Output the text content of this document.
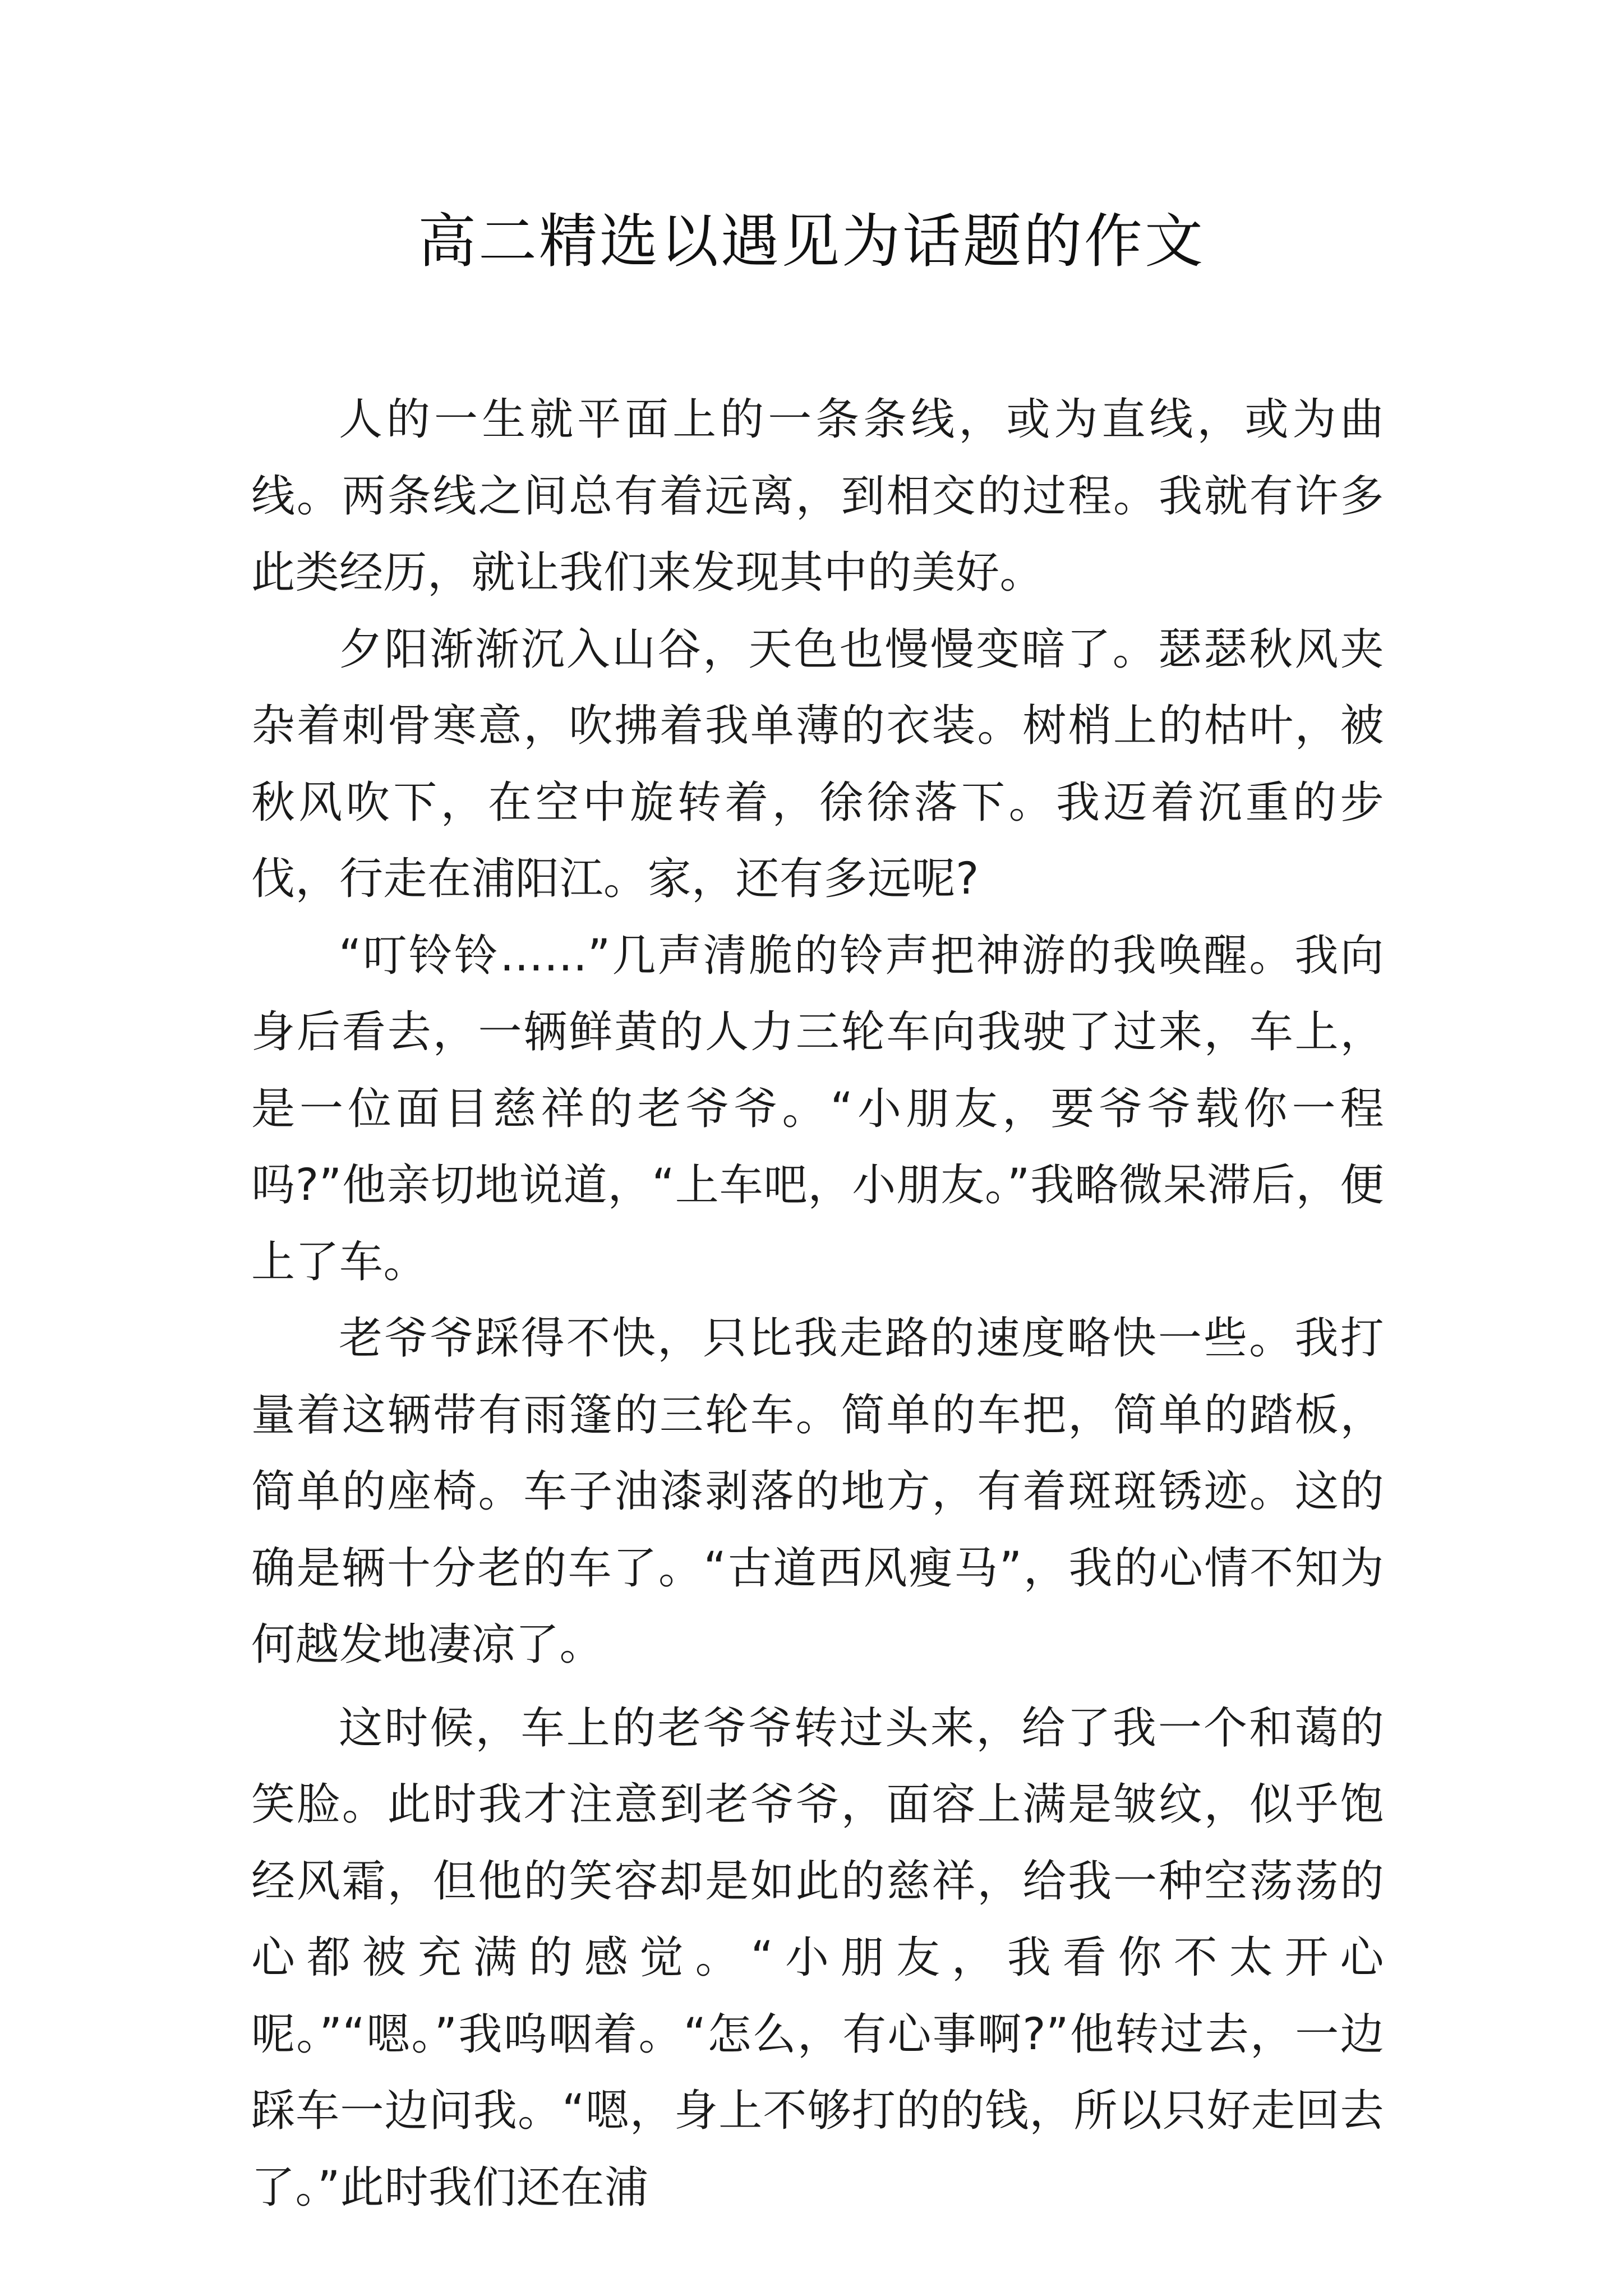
高二精选以遇见为话题的作文

人的一生就平面上的一条条线，或为直线，或为曲线。两条线之间总有着远离，到相交的过程。我就有许多此类经历，就让我们来发现其中的美好。

夕阳渐渐沉入山谷，天色也慢慢变暗了。瑟瑟秋风夹杂着刺骨寒意，吹拂着我单薄的衣装。树梢上的枯叶，被秋风吹下，在空中旋转着，徐徐落下。我迈着沉重的步伐，行走在浦阳江。家，还有多远呢?

“叮铃铃……”几声清脆的铃声把神游的我唤醒。我向身后看去，一辆鲜黄的人力三轮车向我驶了过来，车上，是一位面目慈祥的老爷爷。“小朋友，要爷爷载你一程吗?”他亲切地说道，“上车吧，小朋友。”我略微呆滞后，便上了车。

老爷爷踩得不快，只比我走路的速度略快一些。我打量着这辆带有雨篷的三轮车。简单的车把，简单的踏板，简单的座椅。车子油漆剥落的地方，有着斑斑锈迹。这的确是辆十分老的车了。“古道西风瘦马”，我的心情不知为何越发地凄凉了。

这时候，车上的老爷爷转过头来，给了我一个和蔼的笑脸。此时我才注意到老爷爷，面容上满是皱纹，似乎饱经风霜，但他的笑容却是如此的慈祥，给我一种空荡荡的心都被充满的感觉。“小朋友，我看你不太开心呢。”“嗯。”我呜咽着。“怎么，有心事啊?”他转过去，一边踩车一边问我。“嗯，身上不够打的的钱，所以只好走回去了。”此时我们还在浦
